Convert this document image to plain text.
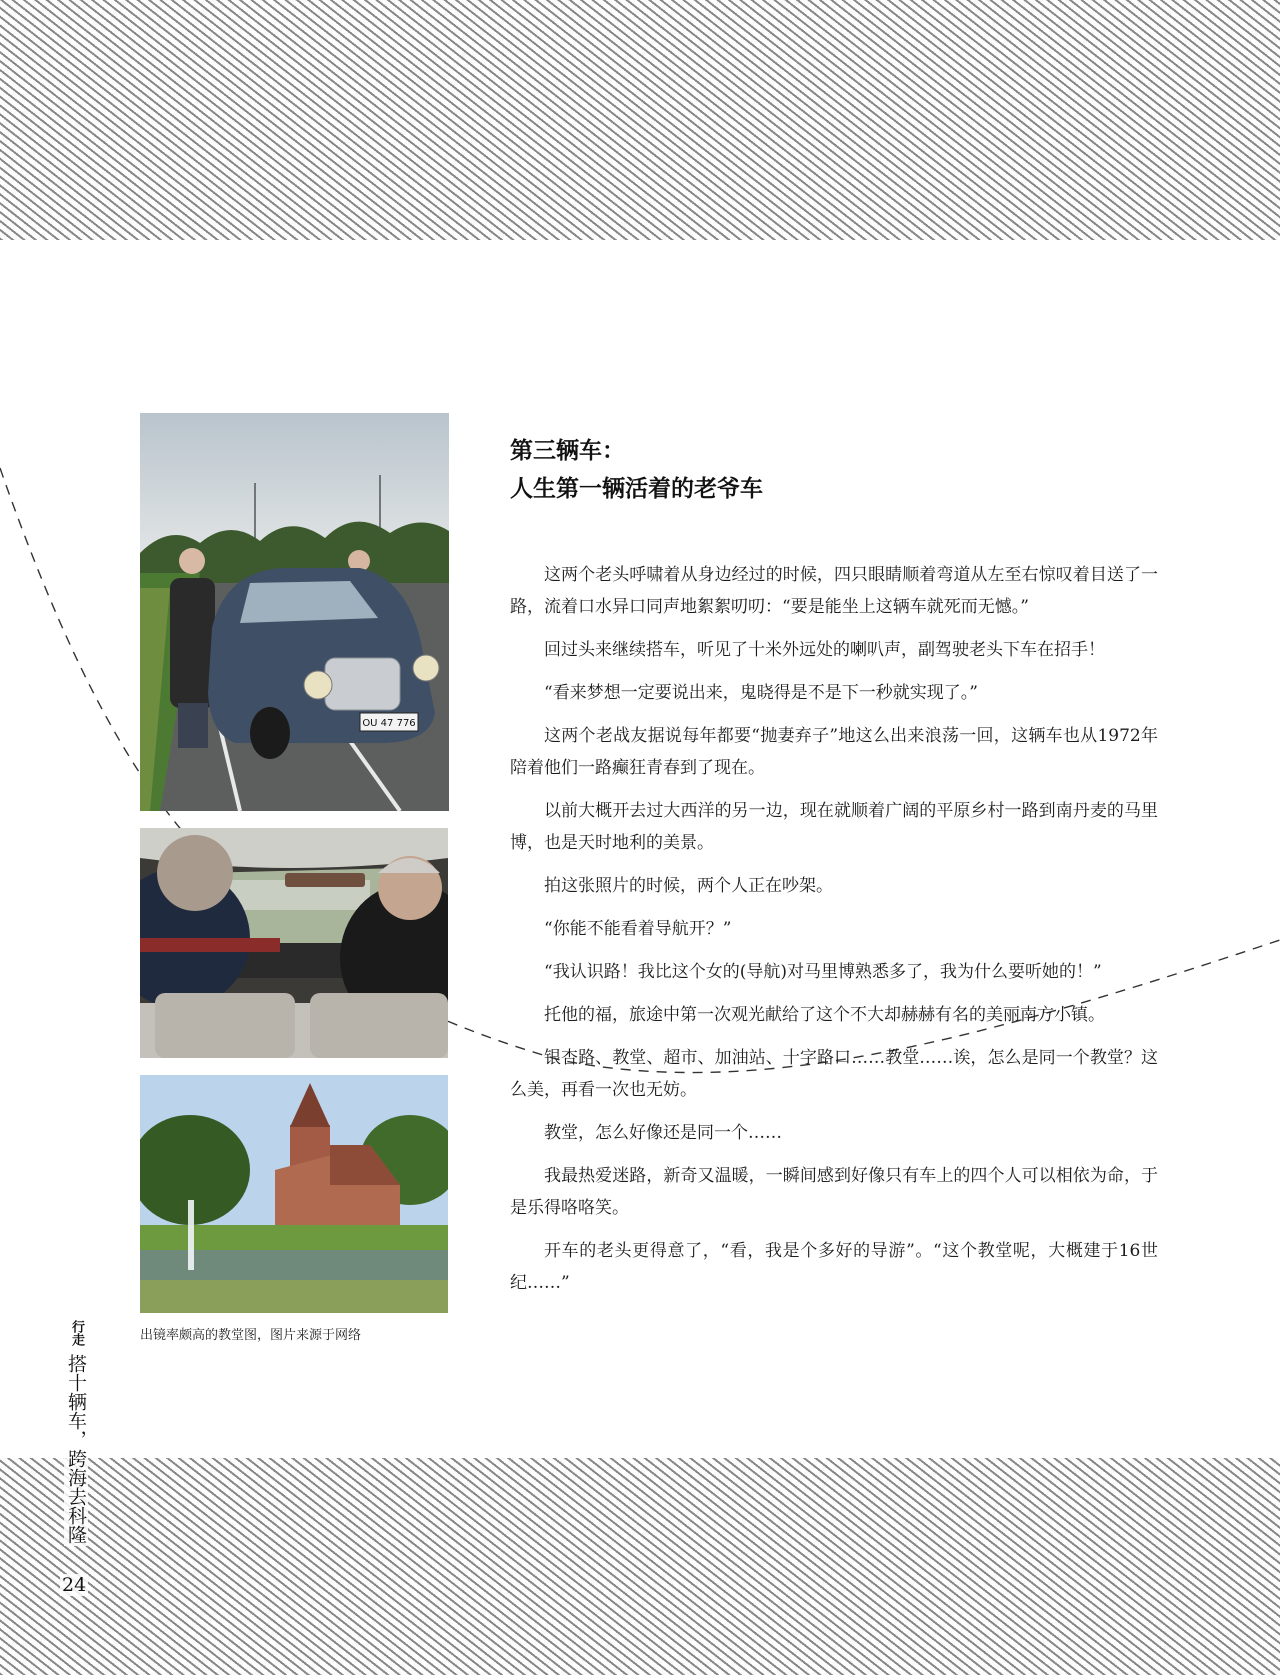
OU 47 776
出镜率颇高的教堂图，图片来源于网络
第三辆车：
人生第一辆活着的老爷车

这两个老头呼啸着从身边经过的时候，四只眼睛顺着弯道从左至右惊叹着目送了一路，流着口水异口同声地絮絮叨叨：“要是能坐上这辆车就死而无憾。”

回过头来继续搭车，听见了十米外远处的喇叭声，副驾驶老头下车在招手！

“看来梦想一定要说出来，鬼晓得是不是下一秒就实现了。”

这两个老战友据说每年都要“抛妻弃子”地这么出来浪荡一回，这辆车也从1972年陪着他们一路癫狂青春到了现在。

以前大概开去过大西洋的另一边，现在就顺着广阔的平原乡村一路到南丹麦的马里博，也是天时地利的美景。

拍这张照片的时候，两个人正在吵架。

“你能不能看着导航开？”

“我认识路！我比这个女的(导航)对马里博熟悉多了，我为什么要听她的！”

托他的福，旅途中第一次观光献给了这个不大却赫赫有名的美丽南方小镇。

银杏路、教堂、超市、加油站、十字路口……教堂……诶，怎么是同一个教堂？这么美，再看一次也无妨。

教堂，怎么好像还是同一个……

我最热爱迷路，新奇又温暖，一瞬间感到好像只有车上的四个人可以相依为命，于是乐得咯咯笑。

开车的老头更得意了，“看，我是个多好的导游”。“这个教堂呢，大概建于16世纪……”

行走
搭十辆车，跨海去科隆
24
